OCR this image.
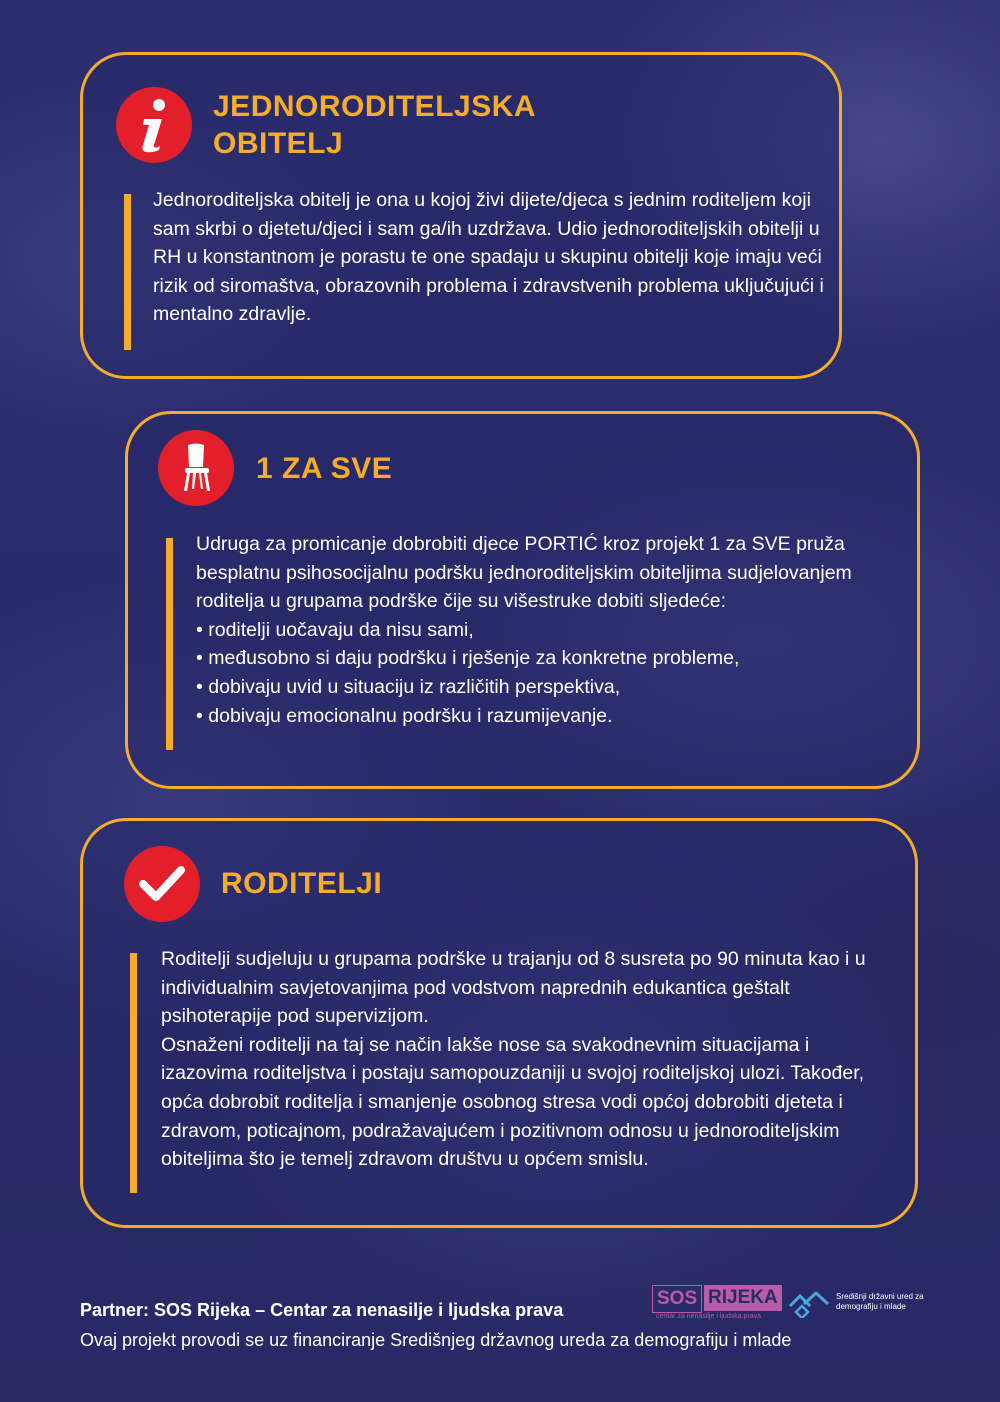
JEDNORODITELJSKA
OBITELJ

Jednoroditeljska obitelj je ona u kojoj živi dijete/djeca s jednim roditeljem koji sam skrbi o djetetu/djeci i sam ga/ih uzdržava. Udio jednoroditeljskih obitelji u RH u konstantnom je porastu te one spadaju u skupinu obitelji koje imaju veći rizik od siromaštva, obrazovnih problema i zdravstvenih problema uključujući i mentalno zdravlje.

1 ZA SVE

Udruga za promicanje dobrobiti djece PORTIĆ kroz projekt 1 za SVE pruža besplatnu psihosocijalnu podršku jednoroditeljskim obiteljima sudjelovanjem roditelja u grupama podrške čije su višestruke dobiti sljedeće:

• roditelji uočavaju da nisu sami,
• međusobno si daju podršku i rješenje za konkretne probleme,
• dobivaju uvid u situaciju iz različitih perspektiva,
• dobivaju emocionalnu podršku i razumijevanje.
RODITELJI

Roditelji sudjeluju u grupama podrške u trajanju od 8 susreta po 90 minuta kao i u individualnim savjetovanjima pod vodstvom naprednih edukantica geštalt psihoterapije pod supervizijom.

Osnaženi roditelji na taj se način lakše nose sa svakodnevnim situacijama i izazovima roditeljstva i postaju samopouzdaniji u svojoj roditeljskoj ulozi. Također, opća dobrobit roditelja i smanjenje osobnog stresa vodi općoj dobrobiti djeteta i zdravom, poticajnom, podražavajućem i pozitivnom odnosu u jednoroditeljskim obiteljima što je temelj zdravom društvu u općem smislu.

Partner: SOS Rijeka – Centar za nenasilje i ljudska prava

Ovaj projekt provodi se uz financiranje Središnjeg državnog ureda za demografiju i mlade

SOS RIJEKA
centar za nenasilje i ljudska prava
Središnji državni ured za demografiju i mlade
